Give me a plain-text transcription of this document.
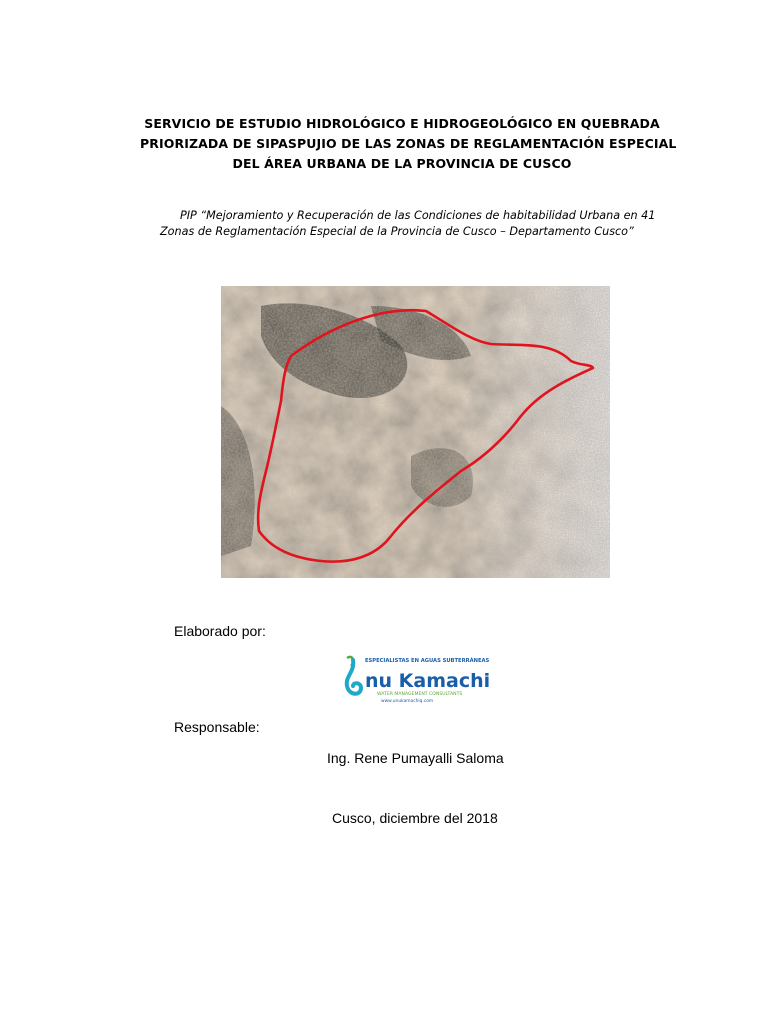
SERVICIO DE ESTUDIO HIDROLÓGICO E HIDROGEOLÓGICO EN QUEBRADA
PRIORIZADA DE SIPASPUJIO DE LAS ZONAS DE REGLAMENTACIÓN ESPECIAL
DEL ÁREA URBANA DE LA PROVINCIA DE CUSCO
PIP “Mejoramiento y Recuperación de las Condiciones de habitabilidad Urbana en 41
Zonas de Reglamentación Especial de la Provincia de Cusco – Departamento Cusco”
Elaborado por:
ESPECIALISTAS EN AGUAS SUBTERRÁNEAS
nu Kamachiq
WATER MANAGEMENT CONSULTANTS
www.unukamachiq.com
Responsable:
Ing. Rene Pumayalli Saloma
Cusco, diciembre del 2018
